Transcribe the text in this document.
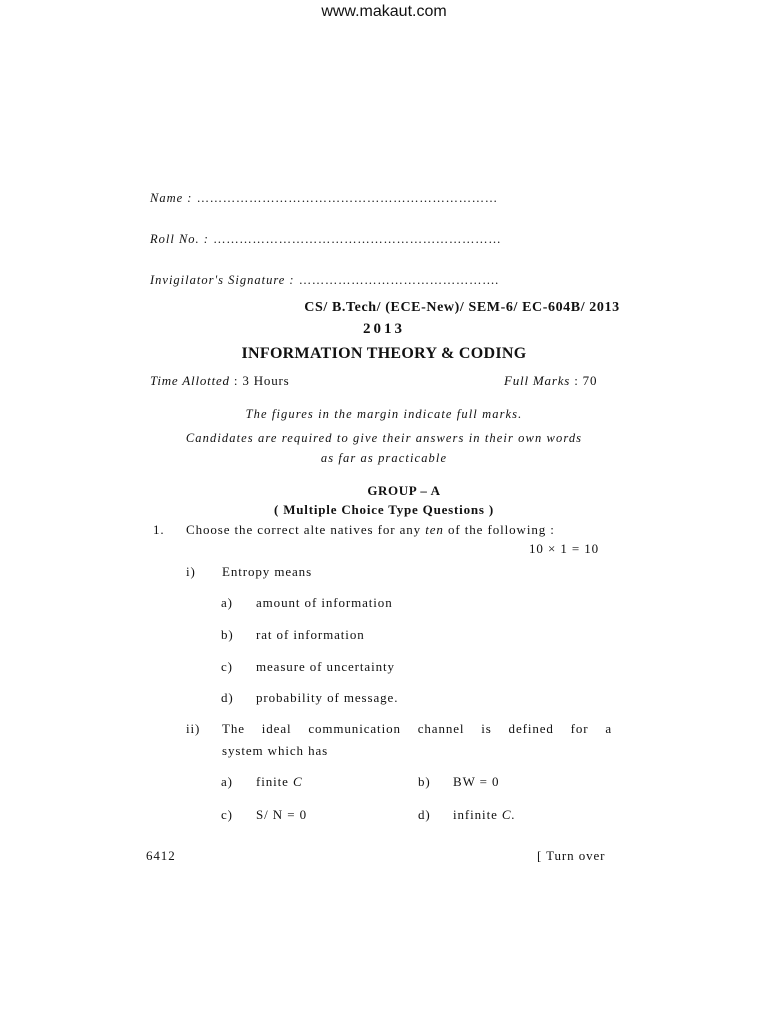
www.makaut.com
Name : ……………………………………………………………
Roll No. : …………………………………………………………
Invigilator's Signature : ……………………………………….
CS/ B.Tech/ (ECE-New)/ SEM-6/ EC-604B/ 2013
2013
INFORMATION THEORY & CODING
Time Allotted : 3 Hours	Full Marks : 70
The figures in the margin indicate full marks.
Candidates are required to give their answers in their own words
as far as practicable
GROUP – A
( Multiple Choice Type Questions )
1. Choose the correct alte natives for any ten of the following :
10 × 1 = 10
i) Entropy means
a) amount of information
b) rat of information
c) measure of uncertainty
d) probability of message.
ii) The ideal communication channel is defined for a
system which has
a) finite C	b) BW = 0
c) S/ N = 0	d) infinite C.
6412	[ Turn over
